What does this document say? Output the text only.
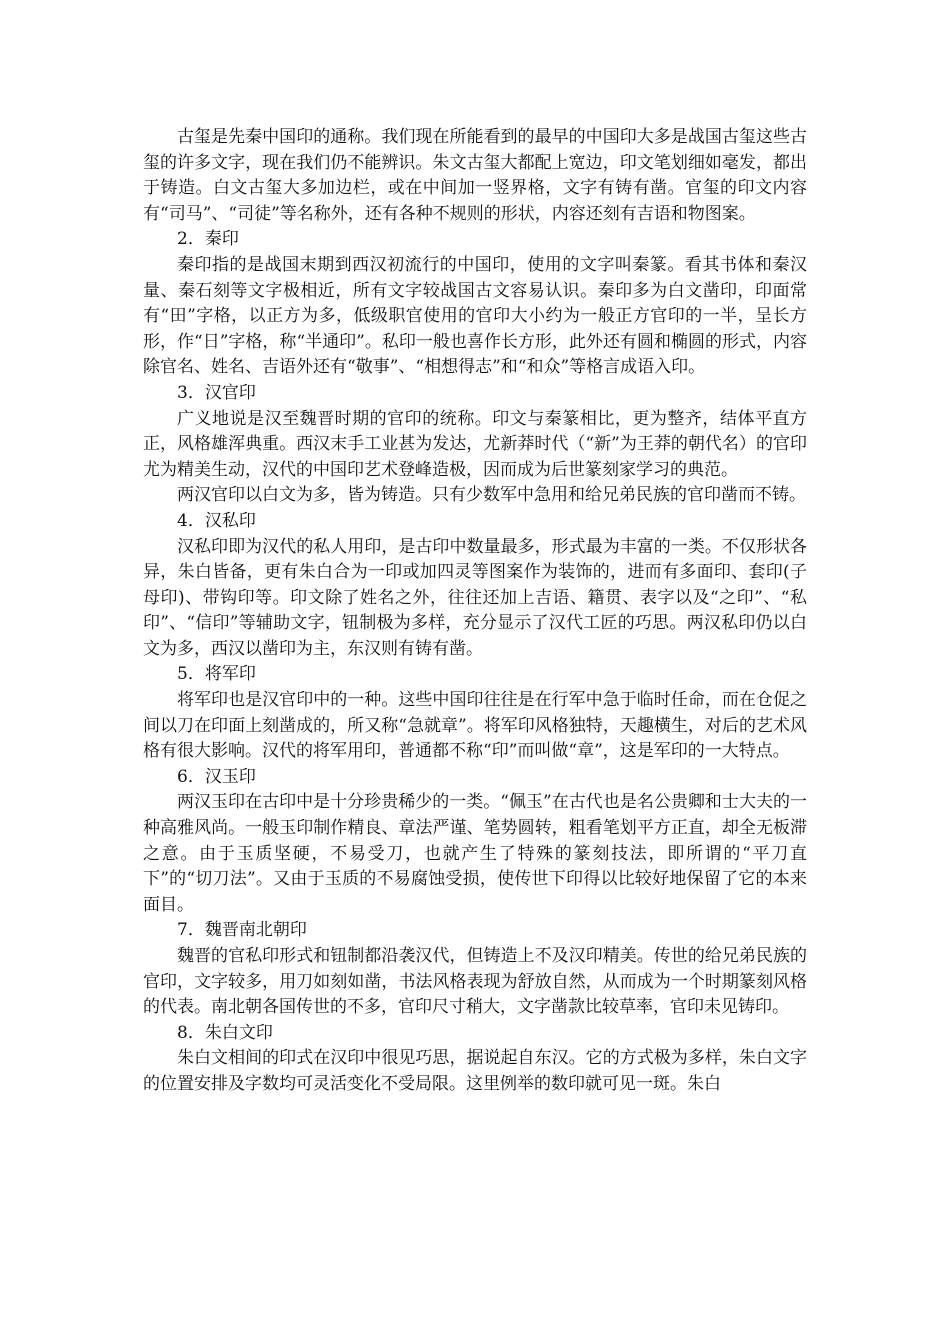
古玺是先秦中国印的通称。我们现在所能看到的最早的中国印大多是战国古玺这些古玺的许多文字，现在我们仍不能辨识。朱文古玺大都配上宽边，印文笔划细如毫发，都出于铸造。白文古玺大多加边栏，或在中间加一竖界格，文字有铸有凿。官玺的印文内容有“司马”、“司徒”等名称外，还有各种不规则的形状，内容还刻有吉语和物图案。

2．秦印

秦印指的是战国末期到西汉初流行的中国印，使用的文字叫秦篆。看其书体和秦汉量、秦石刻等文字极相近，所有文字较战国古文容易认识。秦印多为白文凿印，印面常有“田”字格，以正方为多，低级职官使用的官印大小约为一般正方官印的一半，呈长方形，作“日”字格，称“半通印”。私印一般也喜作长方形，此外还有圆和椭圆的形式，内容除官名、姓名、吉语外还有“敬事”、“相想得志”和“和众”等格言成语入印。

3．汉官印

广义地说是汉至魏晋时期的官印的统称。印文与秦篆相比，更为整齐，结体平直方正，风格雄浑典重。西汉末手工业甚为发达，尤新莽时代（“新”为王莽的朝代名）的官印尤为精美生动，汉代的中国印艺术登峰造极，因而成为后世篆刻家学习的典范。

两汉官印以白文为多，皆为铸造。只有少数军中急用和给兄弟民族的官印凿而不铸。

4．汉私印

汉私印即为汉代的私人用印，是古印中数量最多，形式最为丰富的一类。不仅形状各异，朱白皆备，更有朱白合为一印或加四灵等图案作为装饰的，进而有多面印、套印(子母印)、带钩印等。印文除了姓名之外，往往还加上吉语、籍贯、表字以及“之印”、“私印”、“信印”等辅助文字，钮制极为多样，充分显示了汉代工匠的巧思。两汉私印仍以白文为多，西汉以凿印为主，东汉则有铸有凿。

5．将军印

将军印也是汉官印中的一种。这些中国印往往是在行军中急于临时任命，而在仓促之间以刀在印面上刻凿成的，所又称“急就章”。将军印风格独特，天趣横生，对后的艺术风格有很大影响。汉代的将军用印，普通都不称“印”而叫做“章”，这是军印的一大特点。

6．汉玉印

两汉玉印在古印中是十分珍贵稀少的一类。“佩玉”在古代也是名公贵卿和士大夫的一种高雅风尚。一般玉印制作精良、章法严谨、笔势圆转，粗看笔划平方正直，却全无板滞之意。由于玉质坚硬，不易受刀，也就产生了特殊的篆刻技法，即所谓的“平刀直下”的“切刀法”。又由于玉质的不易腐蚀受损，使传世下印得以比较好地保留了它的本来面目。

7．魏晋南北朝印

魏晋的官私印形式和钮制都沿袭汉代，但铸造上不及汉印精美。传世的给兄弟民族的官印，文字较多，用刀如刻如凿，书法风格表现为舒放自然，从而成为一个时期篆刻风格的代表。南北朝各国传世的不多，官印尺寸稍大，文字凿款比较草率，官印未见铸印。

8．朱白文印

朱白文相间的印式在汉印中很见巧思，据说起自东汉。它的方式极为多样，朱白文字的位置安排及字数均可灵活变化不受局限。这里例举的数印就可见一斑。朱白
